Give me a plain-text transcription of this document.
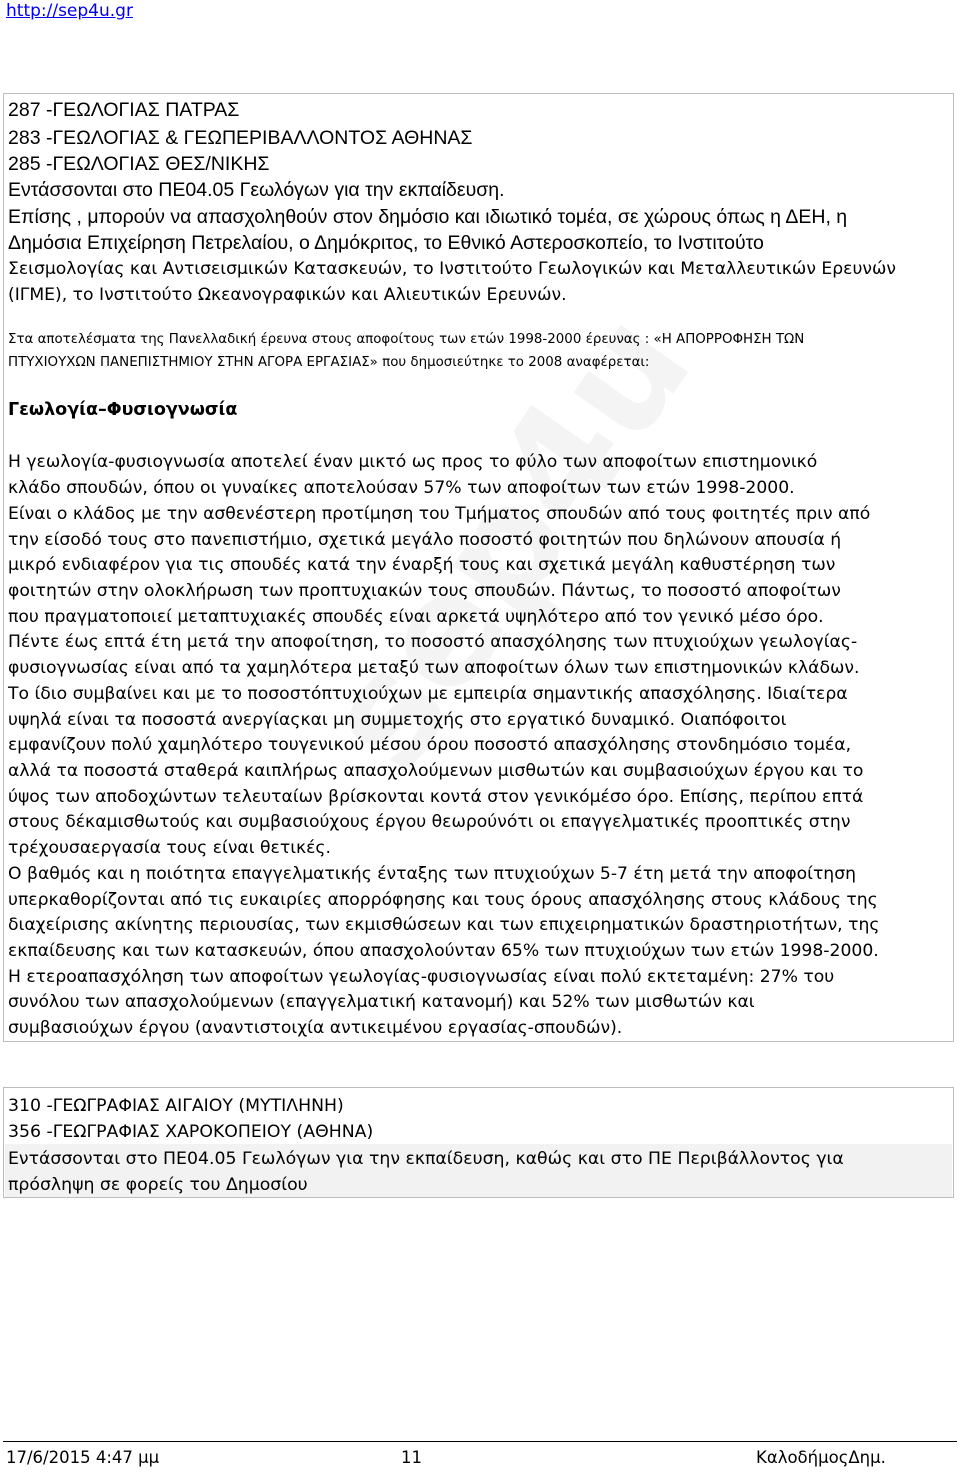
http://sep4u.gr
287 -ΓΕΩΛΟΓΙΑΣ ΠΑΤΡΑΣ
283 -ΓΕΩΛΟΓΙΑΣ & ΓΕΩΠΕΡΙΒΑΛΛΟΝΤΟΣ ΑΘΗΝΑΣ
285 -ΓΕΩΛΟΓΙΑΣ ΘΕΣ/ΝΙΚΗΣ
Εντάσσονται στο ΠΕ04.05 Γεωλόγων για την εκπαίδευση.
Επίσης , μπορούν να απασχοληθούν στον δημόσιο και ιδιωτικό τομέα, σε χώρους όπως η ΔΕΗ, η
Δημόσια Επιχείρηση Πετρελαίου, ο Δημόκριτος, το Εθνικό Αστεροσκοπείο, το Ινστιτούτο
Σεισμολογίας και Αντισεισμικών Κατασκευών, το Ινστιτούτο Γεωλογικών και Μεταλλευτικών Ερευνών
(ΙΓΜΕ), το Ινστιτούτο Ωκεανογραφικών και Αλιευτικών Ερευνών.
Στα αποτελέσματα της Πανελλαδική έρευνα στους αποφοίτους των ετών 1998-2000 έρευνας : «Η ΑΠΟΡΡΟΦΗΣΗ ΤΩΝ
ΠΤΥΧΙΟΥΧΩΝ ΠΑΝΕΠΙΣΤΗΜΙΟΥ ΣΤΗΝ ΑΓΟΡΑ ΕΡΓΑΣΙΑΣ» που δημοσιεύτηκε το 2008 αναφέρεται:
Γεωλογία–Φυσιογνωσία
Η γεωλογία-φυσιογνωσία αποτελεί έναν μικτό ως προς το φύλο των αποφοίτων επιστημονικό
κλάδο σπουδών, όπου οι γυναίκες αποτελούσαν 57% των αποφοίτων των ετών 1998-2000.
Είναι ο κλάδος με την ασθενέστερη προτίμηση του Τμήματος σπουδών από τους φοιτητές πριν από
την είσοδό τους στο πανεπιστήμιο, σχετικά μεγάλο ποσοστό φοιτητών που δηλώνουν απουσία ή
μικρό ενδιαφέρον για τις σπουδές κατά την έναρξή τους και σχετικά μεγάλη καθυστέρηση των
φοιτητών στην ολοκλήρωση των προπτυχιακών τους σπουδών. Πάντως, το ποσοστό αποφοίτων
που πραγματοποιεί μεταπτυχιακές σπουδές είναι αρκετά υψηλότερο από τον γενικό μέσο όρο.
Πέντε έως επτά έτη μετά την αποφοίτηση, το ποσοστό απασχόλησης των πτυχιούχων γεωλογίας-
φυσιογνωσίας είναι από τα χαμηλότερα μεταξύ των αποφοίτων όλων των επιστημονικών κλάδων.
Το ίδιο συμβαίνει και με το ποσοστόπτυχιούχων με εμπειρία σημαντικής απασχόλησης. Ιδιαίτερα
υψηλά είναι τα ποσοστά ανεργίαςκαι μη συμμετοχής στο εργατικό δυναμικό. Οιαπόφοιτοι
εμφανίζουν πολύ χαμηλότερο τουγενικού μέσου όρου ποσοστό απασχόλησης στονδημόσιο τομέα,
αλλά τα ποσοστά σταθερά καιπλήρως απασχολούμενων μισθωτών και συμβασιούχων έργου και το
ύψος των αποδοχώντων τελευταίων βρίσκονται κοντά στον γενικόμέσο όρο. Επίσης, περίπου επτά
στους δέκαμισθωτούς και συμβασιούχους έργου θεωρούνότι οι επαγγελματικές προοπτικές στην
τρέχουσαεργασία τους είναι θετικές.
Ο βαθμός και η ποιότητα επαγγελματικής ένταξης των πτυχιούχων 5-7 έτη μετά την αποφοίτηση
υπερκαθορίζονται από τις ευκαιρίες απορρόφησης και τους όρους απασχόλησης στους κλάδους της
διαχείρισης ακίνητης περιουσίας, των εκμισθώσεων και των επιχειρηματικών δραστηριοτήτων, της
εκπαίδευσης και των κατασκευών, όπου απασχολoύνταν 65% των πτυχιούχων των ετών 1998-2000.
Η ετεροαπασχόληση των αποφοίτων γεωλογίας-φυσιογνωσίας είναι πολύ εκτεταμένη: 27% του
συνόλου των απασχολούμενων (επαγγελματική κατανομή) και 52% των μισθωτών και
συμβασιούχων έργου (αναντιστοιχία αντικειμένου εργασίας-σπουδών).
310 -ΓΕΩΓΡΑΦΙΑΣ ΑΙΓΑΙΟΥ (ΜΥΤΙΛΗΝΗ)
356 -ΓΕΩΓΡΑΦΙΑΣ ΧΑΡΟΚΟΠΕΙΟΥ (ΑΘΗΝΑ)
Εντάσσονται στο ΠΕ04.05 Γεωλόγων για την εκπαίδευση, καθώς και στο ΠΕ Περιβάλλοντος για
πρόσληψη σε φορείς του Δημοσίου
17/6/2015 4:47 μμ	11	ΚαλοδήμοςΔημ.
